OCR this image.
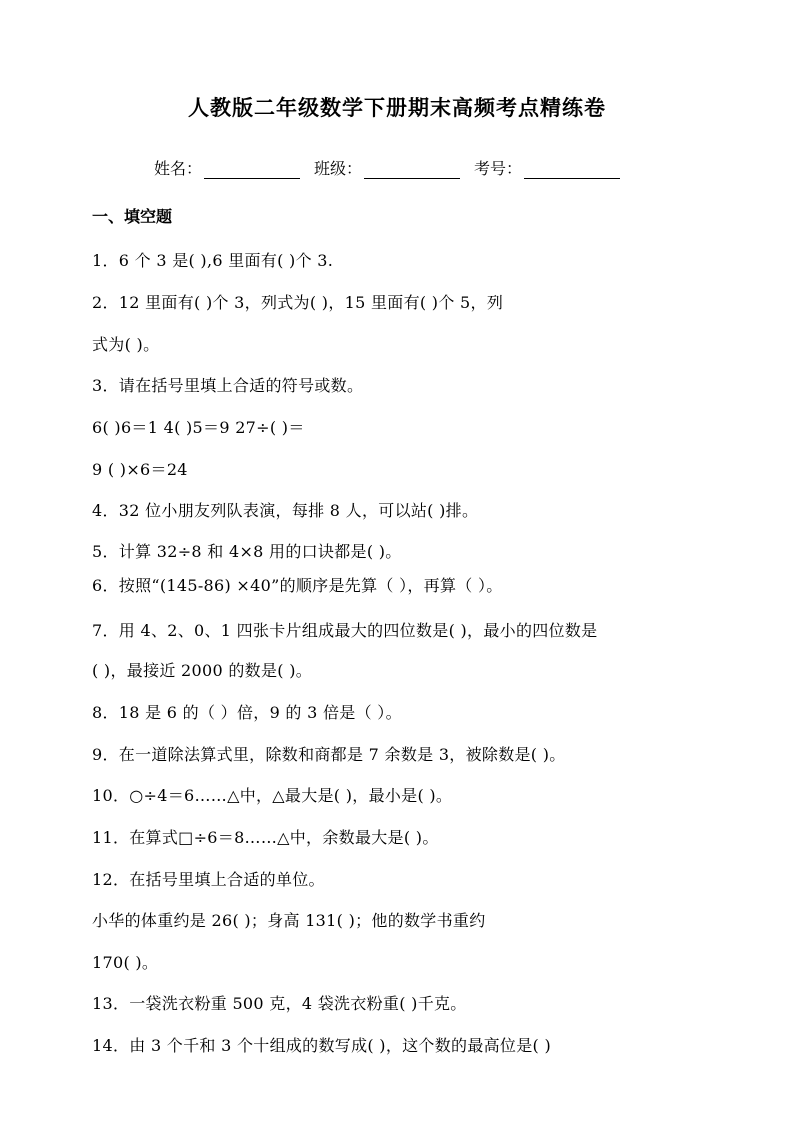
人教版二年级数学下册期末高频考点精练卷
姓名：	班级：	考号：
一、填空题
1．6 个 3 是( ),6 里面有( )个 3.
2．12 里面有( )个 3，列式为( )，15 里面有( )个 5，列
式为( )。
3．请在括号里填上合适的符号或数。
6( )6＝1 4( )5＝9 27÷( )＝
9 ( )×6＝24
4．32 位小朋友列队表演，每排 8 人，可以站( )排。
5．计算 32÷8 和 4×8 用的口诀都是( )。
6．按照“(145-86) ×40”的顺序是先算（ ），再算（ ）。
7．用 4、2、0、1 四张卡片组成最大的四位数是( )，最小的四位数是
( )，最接近 2000 的数是( )。
8．18 是 6 的（ ）倍，9 的 3 倍是（ ）。
9．在一道除法算式里，除数和商都是 7 余数是 3，被除数是( )。
10．○÷4＝6……△中，△最大是( )，最小是( )。
11．在算式□÷6＝8……△中，余数最大是( )。
12．在括号里填上合适的单位。
小华的体重约是 26( )；身高 131( )；他的数学书重约
170( )。
13．一袋洗衣粉重 500 克，4 袋洗衣粉重( )千克。
14．由 3 个千和 3 个十组成的数写成( )，这个数的最高位是( )
